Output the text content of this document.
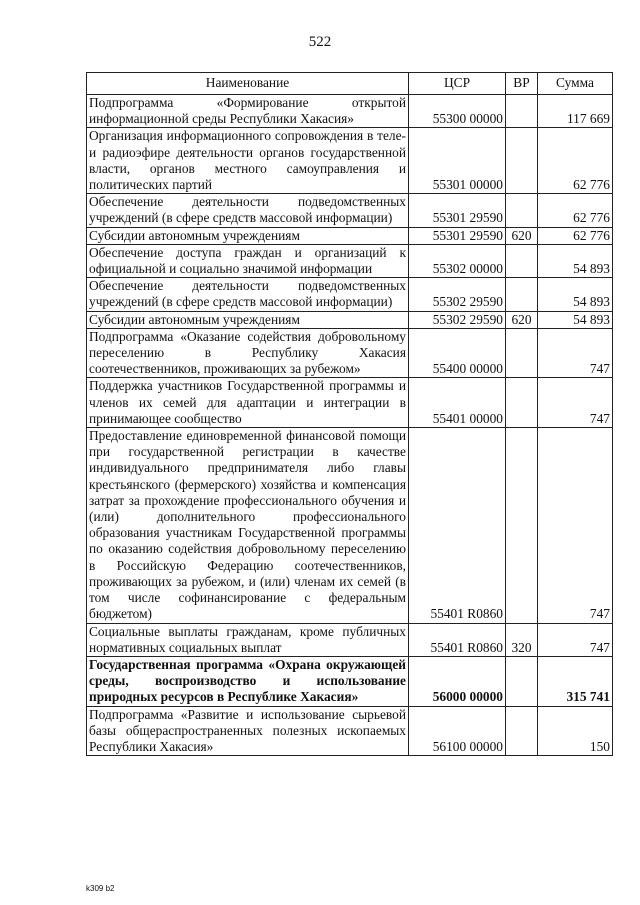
522
Наименование	ЦСР	ВР	Сумма
Подпрограмма «Формирование открытой информационной среды Республики Хакасия»	55300 00000		117 669
Организация информационного сопровождения в теле- и радиоэфире деятельности органов государственной власти, органов местного самоуправления и политических партий	55301 00000		62 776
Обеспечение деятельности подведомственных учреждений (в сфере средств массовой информации)	55301 29590		62 776
Субсидии автономным учреждениям	55301 29590	620	62 776
Обеспечение доступа граждан и организаций к официальной и социально значимой информации	55302 00000		54 893
Обеспечение деятельности подведомственных учреждений (в сфере средств массовой информации)	55302 29590		54 893
Субсидии автономным учреждениям	55302 29590	620	54 893
Подпрограмма «Оказание содействия добровольному переселению в Республику Хакасия соотечественников, проживающих за рубежом»	55400 00000		747
Поддержка участников Государственной программы и членов их семей для адаптации и интеграции в принимающее сообщество	55401 00000		747
Предоставление единовременной финансовой помощи при государственной регистрации в качестве индивидуального предпринимателя либо главы крестьянского (фермерского) хозяйства и компенсация затрат за прохождение профессионального обучения и (или) дополнительного профессионального образования участникам Государственной программы по оказанию содействия добровольному переселению в Российскую Федерацию соотечественников, проживающих за рубежом, и (или) членам их семей (в том числе софинансирование с федеральным бюджетом)	55401 R0860		747
Социальные выплаты гражданам, кроме публичных нормативных социальных выплат	55401 R0860	320	747
Государственная программа «Охрана окружающей среды, воспроизводство и использование природных ресурсов в Республике Хакасия»	56000 00000		315 741
Подпрограмма «Развитие и использование сырьевой базы общераспространенных полезных ископаемых Республики Хакасия»	56100 00000		150
k309 b2
